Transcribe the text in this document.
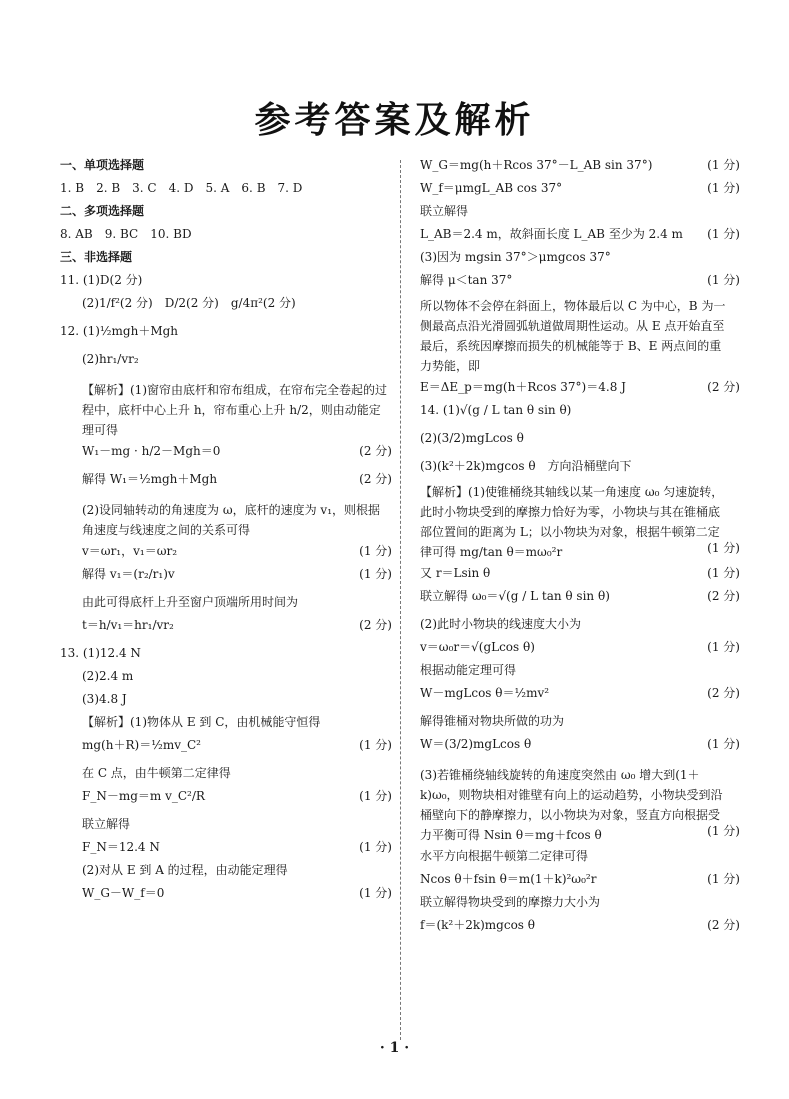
参考答案及解析
一、单项选择题
1. B　2. B　3. C　4. D　5. A　6. B　7. D
二、多项选择题
8. AB　9. BC　10. BD
三、非选择题
11. (1)D(2 分)
(2)1/f²(2 分)　D/2(2 分)　g/4π²(2 分)
12. (1)½mgh＋Mgh
(2)hr₁/vr₂
【解析】(1)窗帘由底杆和帘布组成，在帘布完全卷起的过程中，底杆中心上升 h，帘布重心上升 h/2，则由动能定理可得
W₁－mg · h/2－Mgh＝0	(2 分)
解得 W₁＝½mgh＋Mgh	(2 分)
(2)设同轴转动的角速度为 ω，底杆的速度为 v₁，则根据角速度与线速度之间的关系可得
v＝ωr₁，v₁＝ωr₂	(1 分)
解得 v₁＝(r₂/r₁)v	(1 分)
由此可得底杆上升至窗户顶端所用时间为
t＝h/v₁＝hr₁/vr₂	(2 分)
13. (1)12.4 N
(2)2.4 m
(3)4.8 J
【解析】(1)物体从 E 到 C，由机械能守恒得
mg(h＋R)＝½mv_C²	(1 分)
在 C 点，由牛顿第二定律得
F_N－mg＝m v_C²/R	(1 分)
联立解得
F_N＝12.4 N	(1 分)
(2)对从 E 到 A 的过程，由动能定理得
W_G－W_f＝0	(1 分)
W_G＝mg(h＋Rcos 37°－L_AB sin 37°)	(1 分)
W_f＝μmgL_AB cos 37°	(1 分)
联立解得
L_AB＝2.4 m，故斜面长度 L_AB 至少为 2.4 m (1 分)
(3)因为 mgsin 37°＞μmgcos 37°
解得 μ＜tan 37°	(1 分)
所以物体不会停在斜面上，物体最后以 C 为中心，B 为一侧最高点沿光滑圆弧轨道做周期性运动。从 E 点开始直至最后，系统因摩擦而损失的机械能等于 B、E 两点间的重力势能，即
E＝ΔE_p＝mg(h＋Rcos 37°)＝4.8 J	(2 分)
14. (1)√(g / L tan θ sin θ)
(2)(3/2)mgLcos θ
(3)(k²＋2k)mgcos θ　方向沿桶壁向下
【解析】(1)使锥桶绕其轴线以某一角速度 ω₀ 匀速旋转，此时小物块受到的摩擦力恰好为零，小物块与其在锥桶底部位置间的距离为 L；以小物块为对象，根据牛顿第二定律可得 mg/tan θ＝mω₀²r	(1 分)
又 r＝Lsin θ	(1 分)
联立解得 ω₀＝√(g / L tan θ sin θ)	(2 分)
(2)此时小物块的线速度大小为
v＝ω₀r＝√(gLcos θ)	(1 分)
根据动能定理可得
W－mgLcos θ＝½mv²	(2 分)
解得锥桶对物块所做的功为
W＝(3/2)mgLcos θ	(1 分)
(3)若锥桶绕轴线旋转的角速度突然由 ω₀ 增大到(1＋k)ω₀，则物块相对锥壁有向上的运动趋势，小物块受到沿桶壁向下的静摩擦力，以小物块为对象，竖直方向根据受力平衡可得 Nsin θ＝mg＋fcos θ	(1 分)
水平方向根据牛顿第二定律可得
Ncos θ＋fsin θ＝m(1＋k)²ω₀²r	(1 分)
联立解得物块受到的摩擦力大小为
f＝(k²＋2k)mgcos θ	(2 分)
· 1 ·
